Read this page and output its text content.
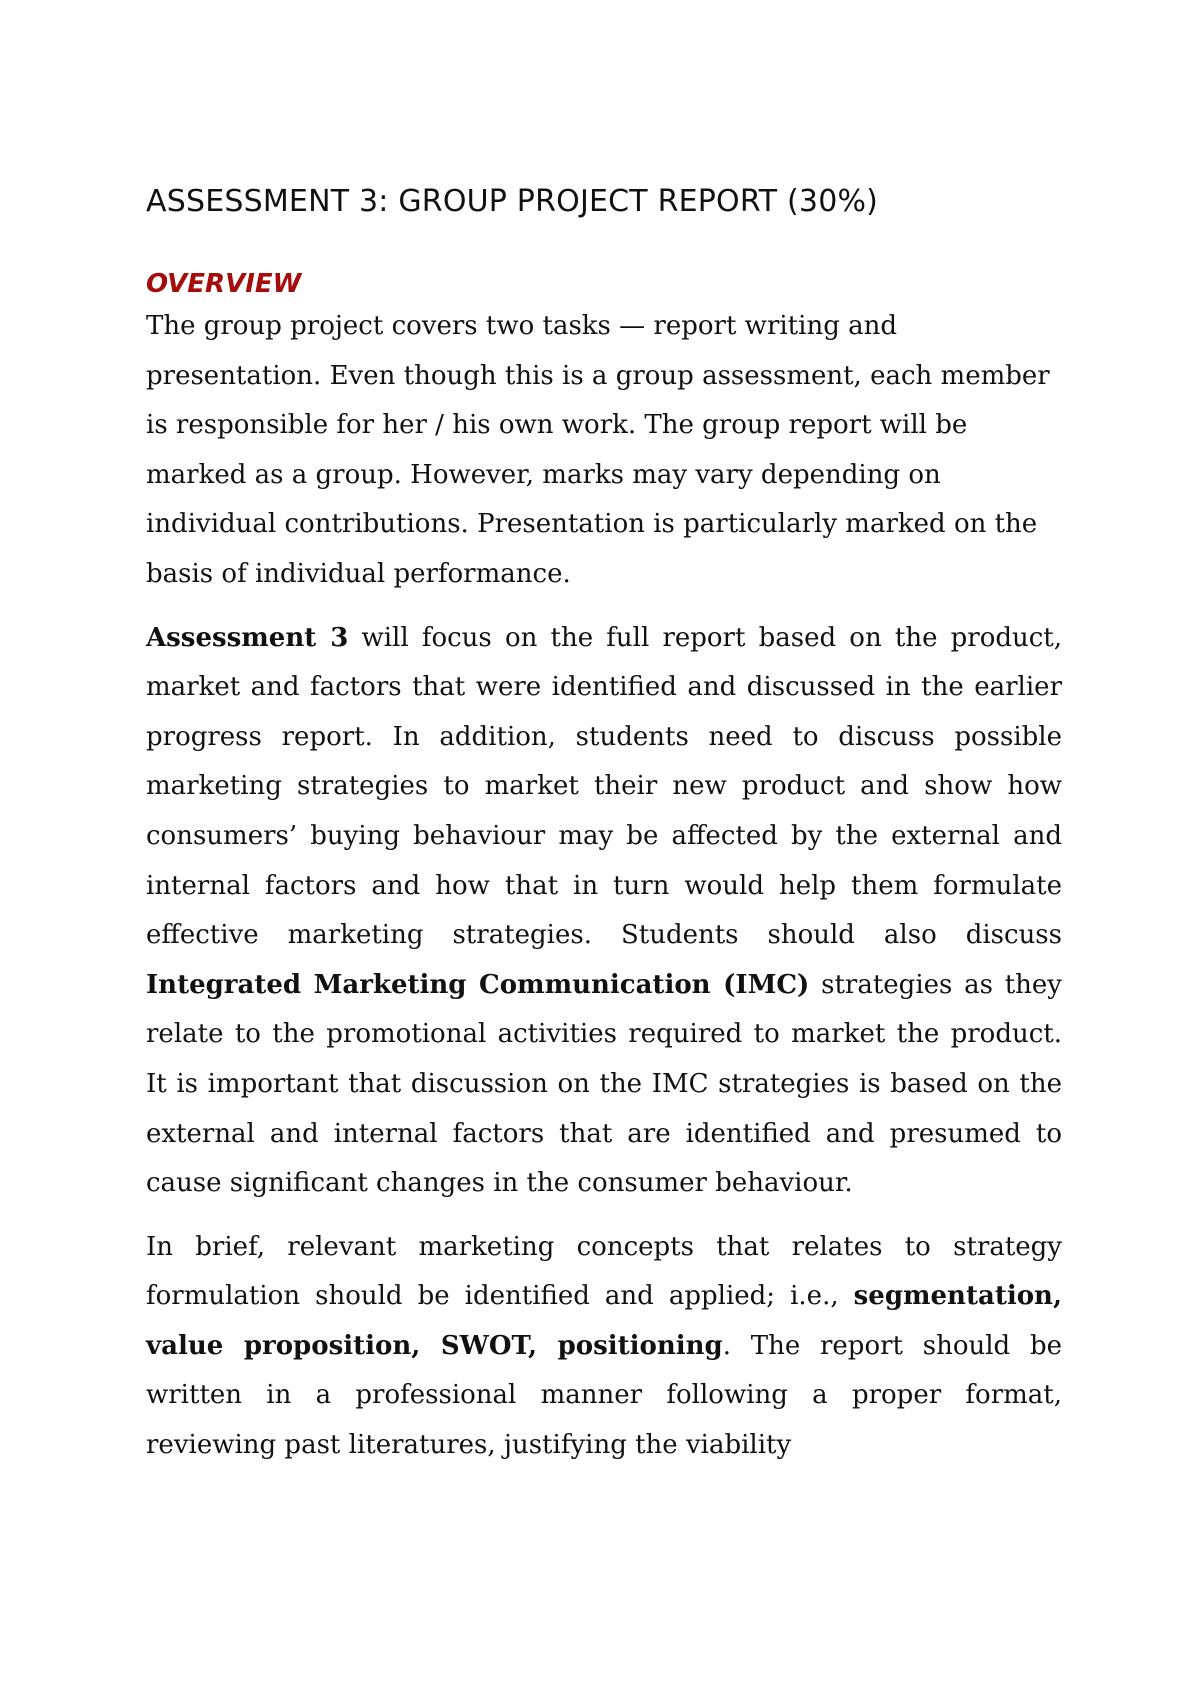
ASSESSMENT 3: GROUP PROJECT REPORT (30%)
OVERVIEW

The group project covers two tasks — report writing and presentation. Even though this is a group assessment, each member is responsible for her / his own work. The group report will be marked as a group. However, marks may vary depending on individual contributions. Presentation is particularly marked on the basis of individual performance.

Assessment 3 will focus on the full report based on the product, market and factors that were identified and discussed in the earlier progress report. In addition, students need to discuss possible marketing strategies to market their new product and show how consumers’ buying behaviour may be affected by the external and internal factors and how that in turn would help them formulate effective marketing strategies. Students should also discuss Integrated Marketing Communication (IMC) strategies as they relate to the promotional activities required to market the product. It is important that discussion on the IMC strategies is based on the external and internal factors that are identified and presumed to cause significant changes in the consumer behaviour.

In brief, relevant marketing concepts that relates to strategy formulation should be identified and applied; i.e., segmentation, value proposition, SWOT, positioning. The report should be written in a professional manner following a proper format, reviewing past literatures, justifying the viability
